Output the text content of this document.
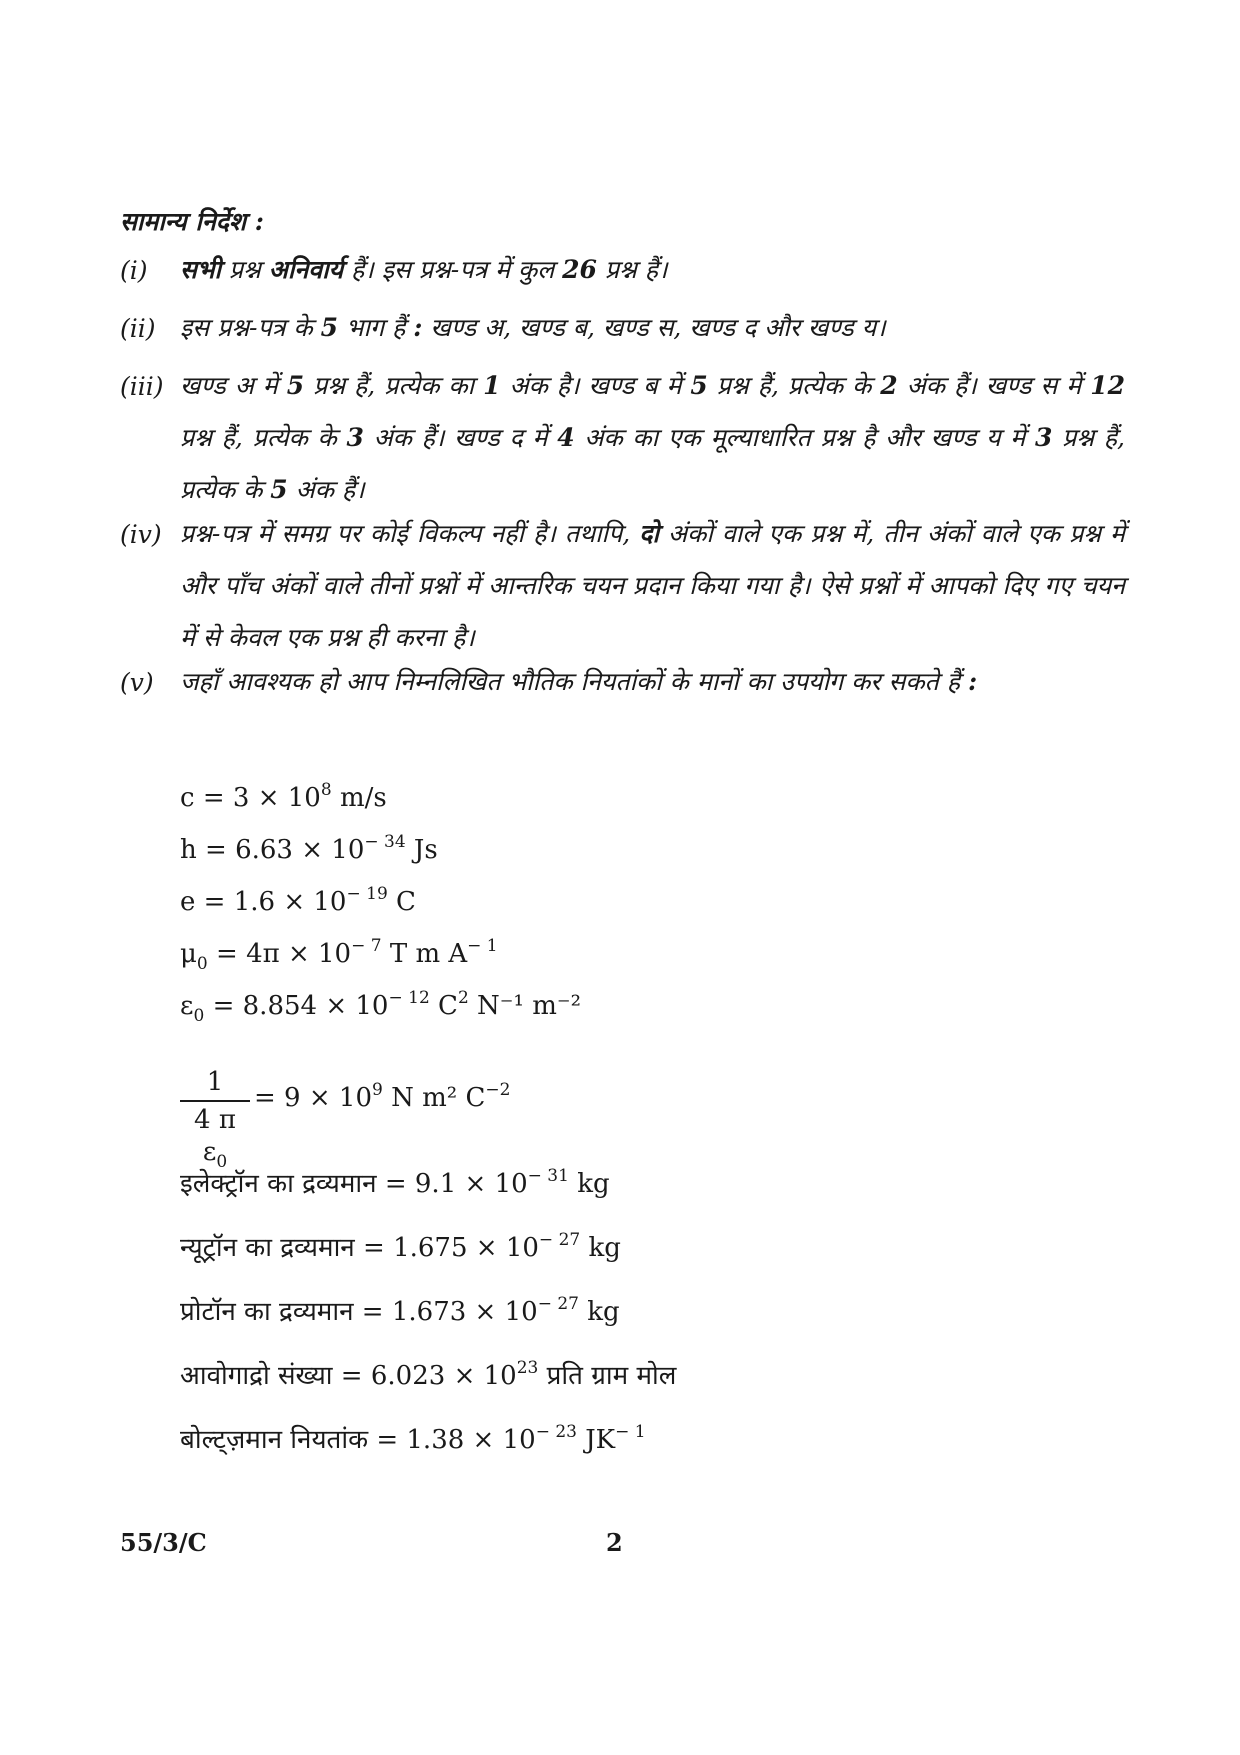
सामान्य निर्देश :
(i)	सभी प्रश्न अनिवार्य हैं। इस प्रश्न-पत्र में कुल 26 प्रश्न हैं।
(ii) इस प्रश्न-पत्र के 5 भाग हैं : खण्ड अ, खण्ड ब, खण्ड स, खण्ड द और खण्ड य।
(iii) खण्ड अ में 5 प्रश्न हैं, प्रत्येक का 1 अंक है। खण्ड ब में 5 प्रश्न हैं, प्रत्येक के 2 अंक हैं। खण्ड स में 12 प्रश्न हैं, प्रत्येक के 3 अंक हैं। खण्ड द में 4 अंक का एक मूल्याधारित प्रश्न है और खण्ड य में 3 प्रश्न हैं, प्रत्येक के 5 अंक हैं।
(iv) प्रश्न-पत्र में समग्र पर कोई विकल्प नहीं है। तथापि, दो अंकों वाले एक प्रश्न में, तीन अंकों वाले एक प्रश्न में और पाँच अंकों वाले तीनों प्रश्नों में आन्तरिक चयन प्रदान किया गया है। ऐसे प्रश्नों में आपको दिए गए चयन में से केवल एक प्रश्न ही करना है।
(v)	जहाँ आवश्यक हो आप निम्नलिखित भौतिक नियतांकों के मानों का उपयोग कर सकते हैं :
$c = 3 \times 10^8$ m/s
$h = 6.63 \times 10^{- 34}$ Js
$e = 1.6 \times 10^{- 19}$ C
$\mu_0 = 4\pi \times 10^{- 7}$ T m $A^{- 1}$
$\varepsilon_0 = 8.854 \times 10^{- 12}$ $C^2$ N⁻¹ m⁻²
1
4 π $\varepsilon_0$
= $9 \times 10^9$ N m² $C^{-2}$
इलेक्ट्रॉन का द्रव्यमान = $9.1 \times 10^{- 31}$ kg
न्यूट्रॉन का द्रव्यमान = $1.675 \times 10^{- 27}$ kg
प्रोटॉन का द्रव्यमान = $1.673 \times 10^{- 27}$ kg
आवोगाद्रो संख्या = $6.023 \times 10^{23}$ प्रति ग्राम मोल
बोल्ट्ज़मान नियतांक = $1.38 \times 10^{- 23}$ $JK^{- 1}$
55/3/C	2
